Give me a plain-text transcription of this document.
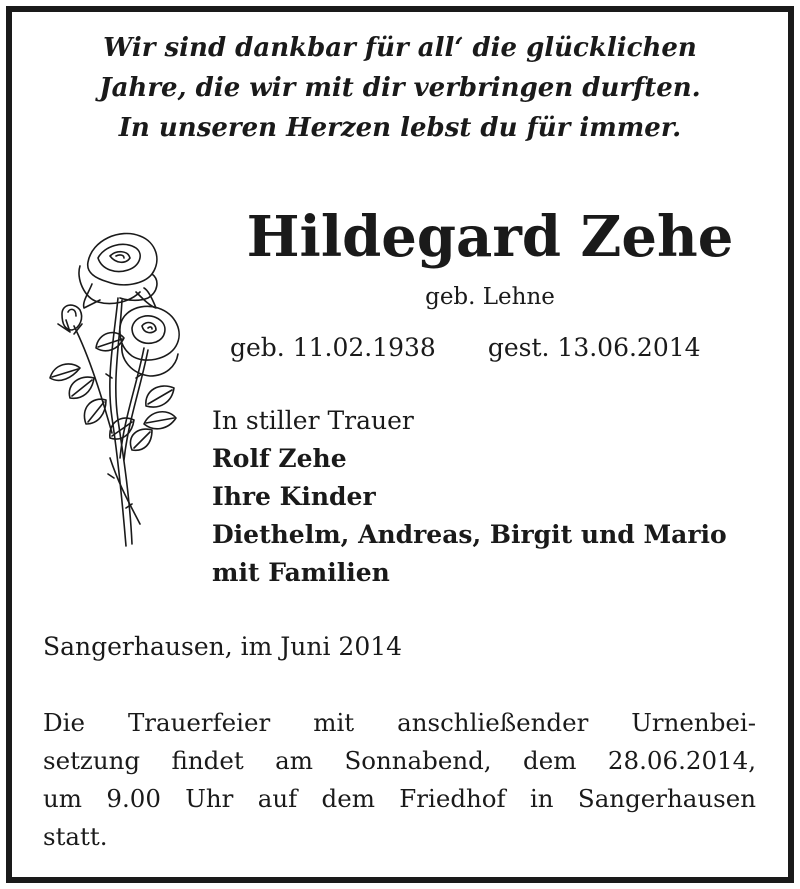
Wir sind dankbar für all‘ die glücklichen
Jahre, die wir mit dir verbringen durften.
In unseren Herzen lebst du für immer.
Hildegard Zehe
geb. Lehne
geb. 11.02.1938 gest. 13.06.2014
In stiller Trauer
Rolf Zehe
Ihre Kinder
Diethelm, Andreas, Birgit und Mario
mit Familien
Sangerhausen, im Juni 2014
Die Trauerfeier mit anschließender Urnenbei-
setzung findet am Sonnabend, dem 28.06.2014,
um 9.00 Uhr auf dem Friedhof in Sangerhausen
statt.
